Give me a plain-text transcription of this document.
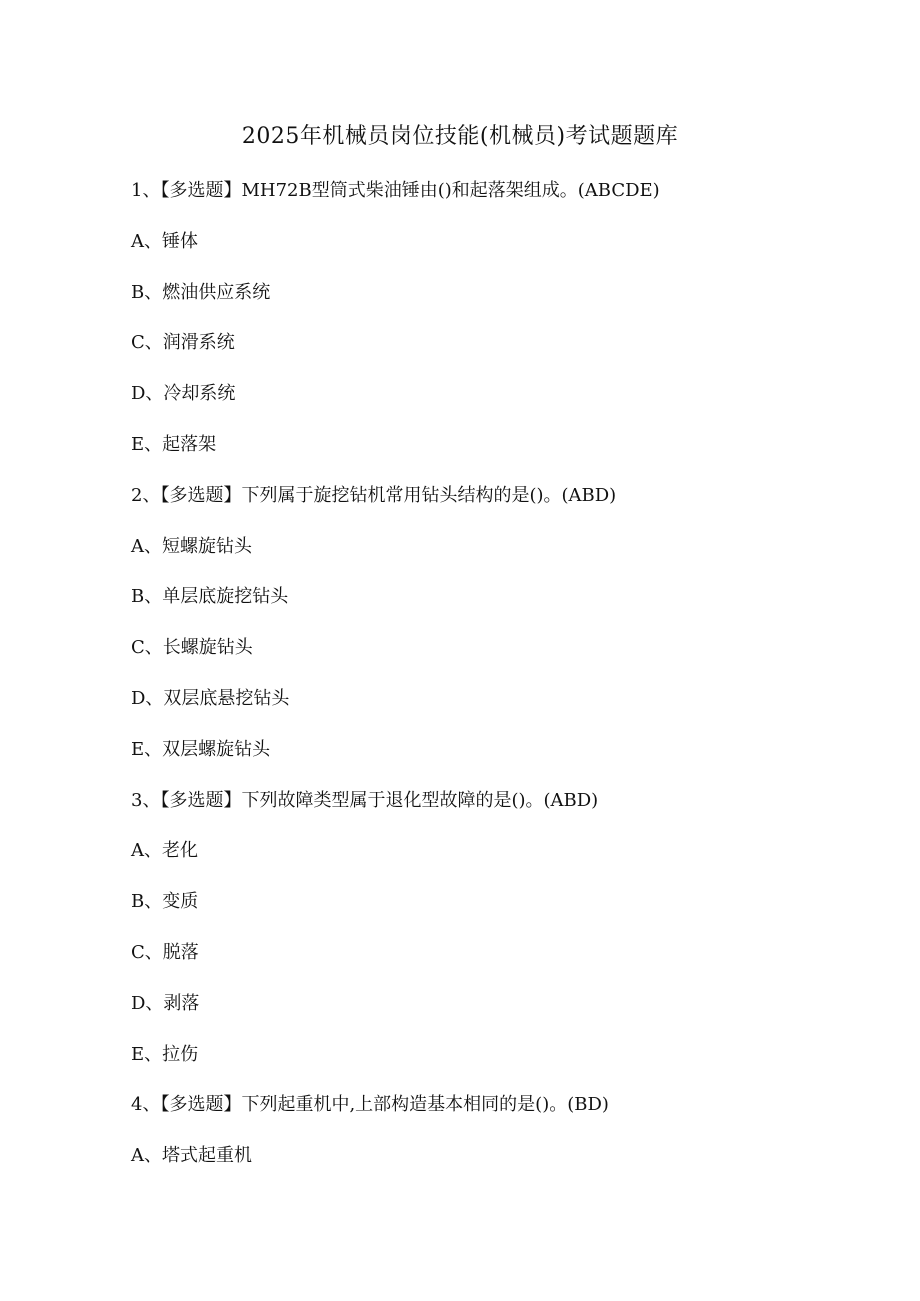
2025年机械员岗位技能(机械员)考试题题库
1、【多选题】MH72B型筒式柴油锤由()和起落架组成。(ABCDE)
A、锤体
B、燃油供应系统
C、润滑系统
D、冷却系统
E、起落架
2、【多选题】下列属于旋挖钻机常用钻头结构的是()。(ABD)
A、短螺旋钻头
B、单层底旋挖钻头
C、长螺旋钻头
D、双层底悬挖钻头
E、双层螺旋钻头
3、【多选题】下列故障类型属于退化型故障的是()。(ABD)
A、老化
B、变质
C、脱落
D、剥落
E、拉伤
4、【多选题】下列起重机中,上部构造基本相同的是()。(BD)
A、塔式起重机
